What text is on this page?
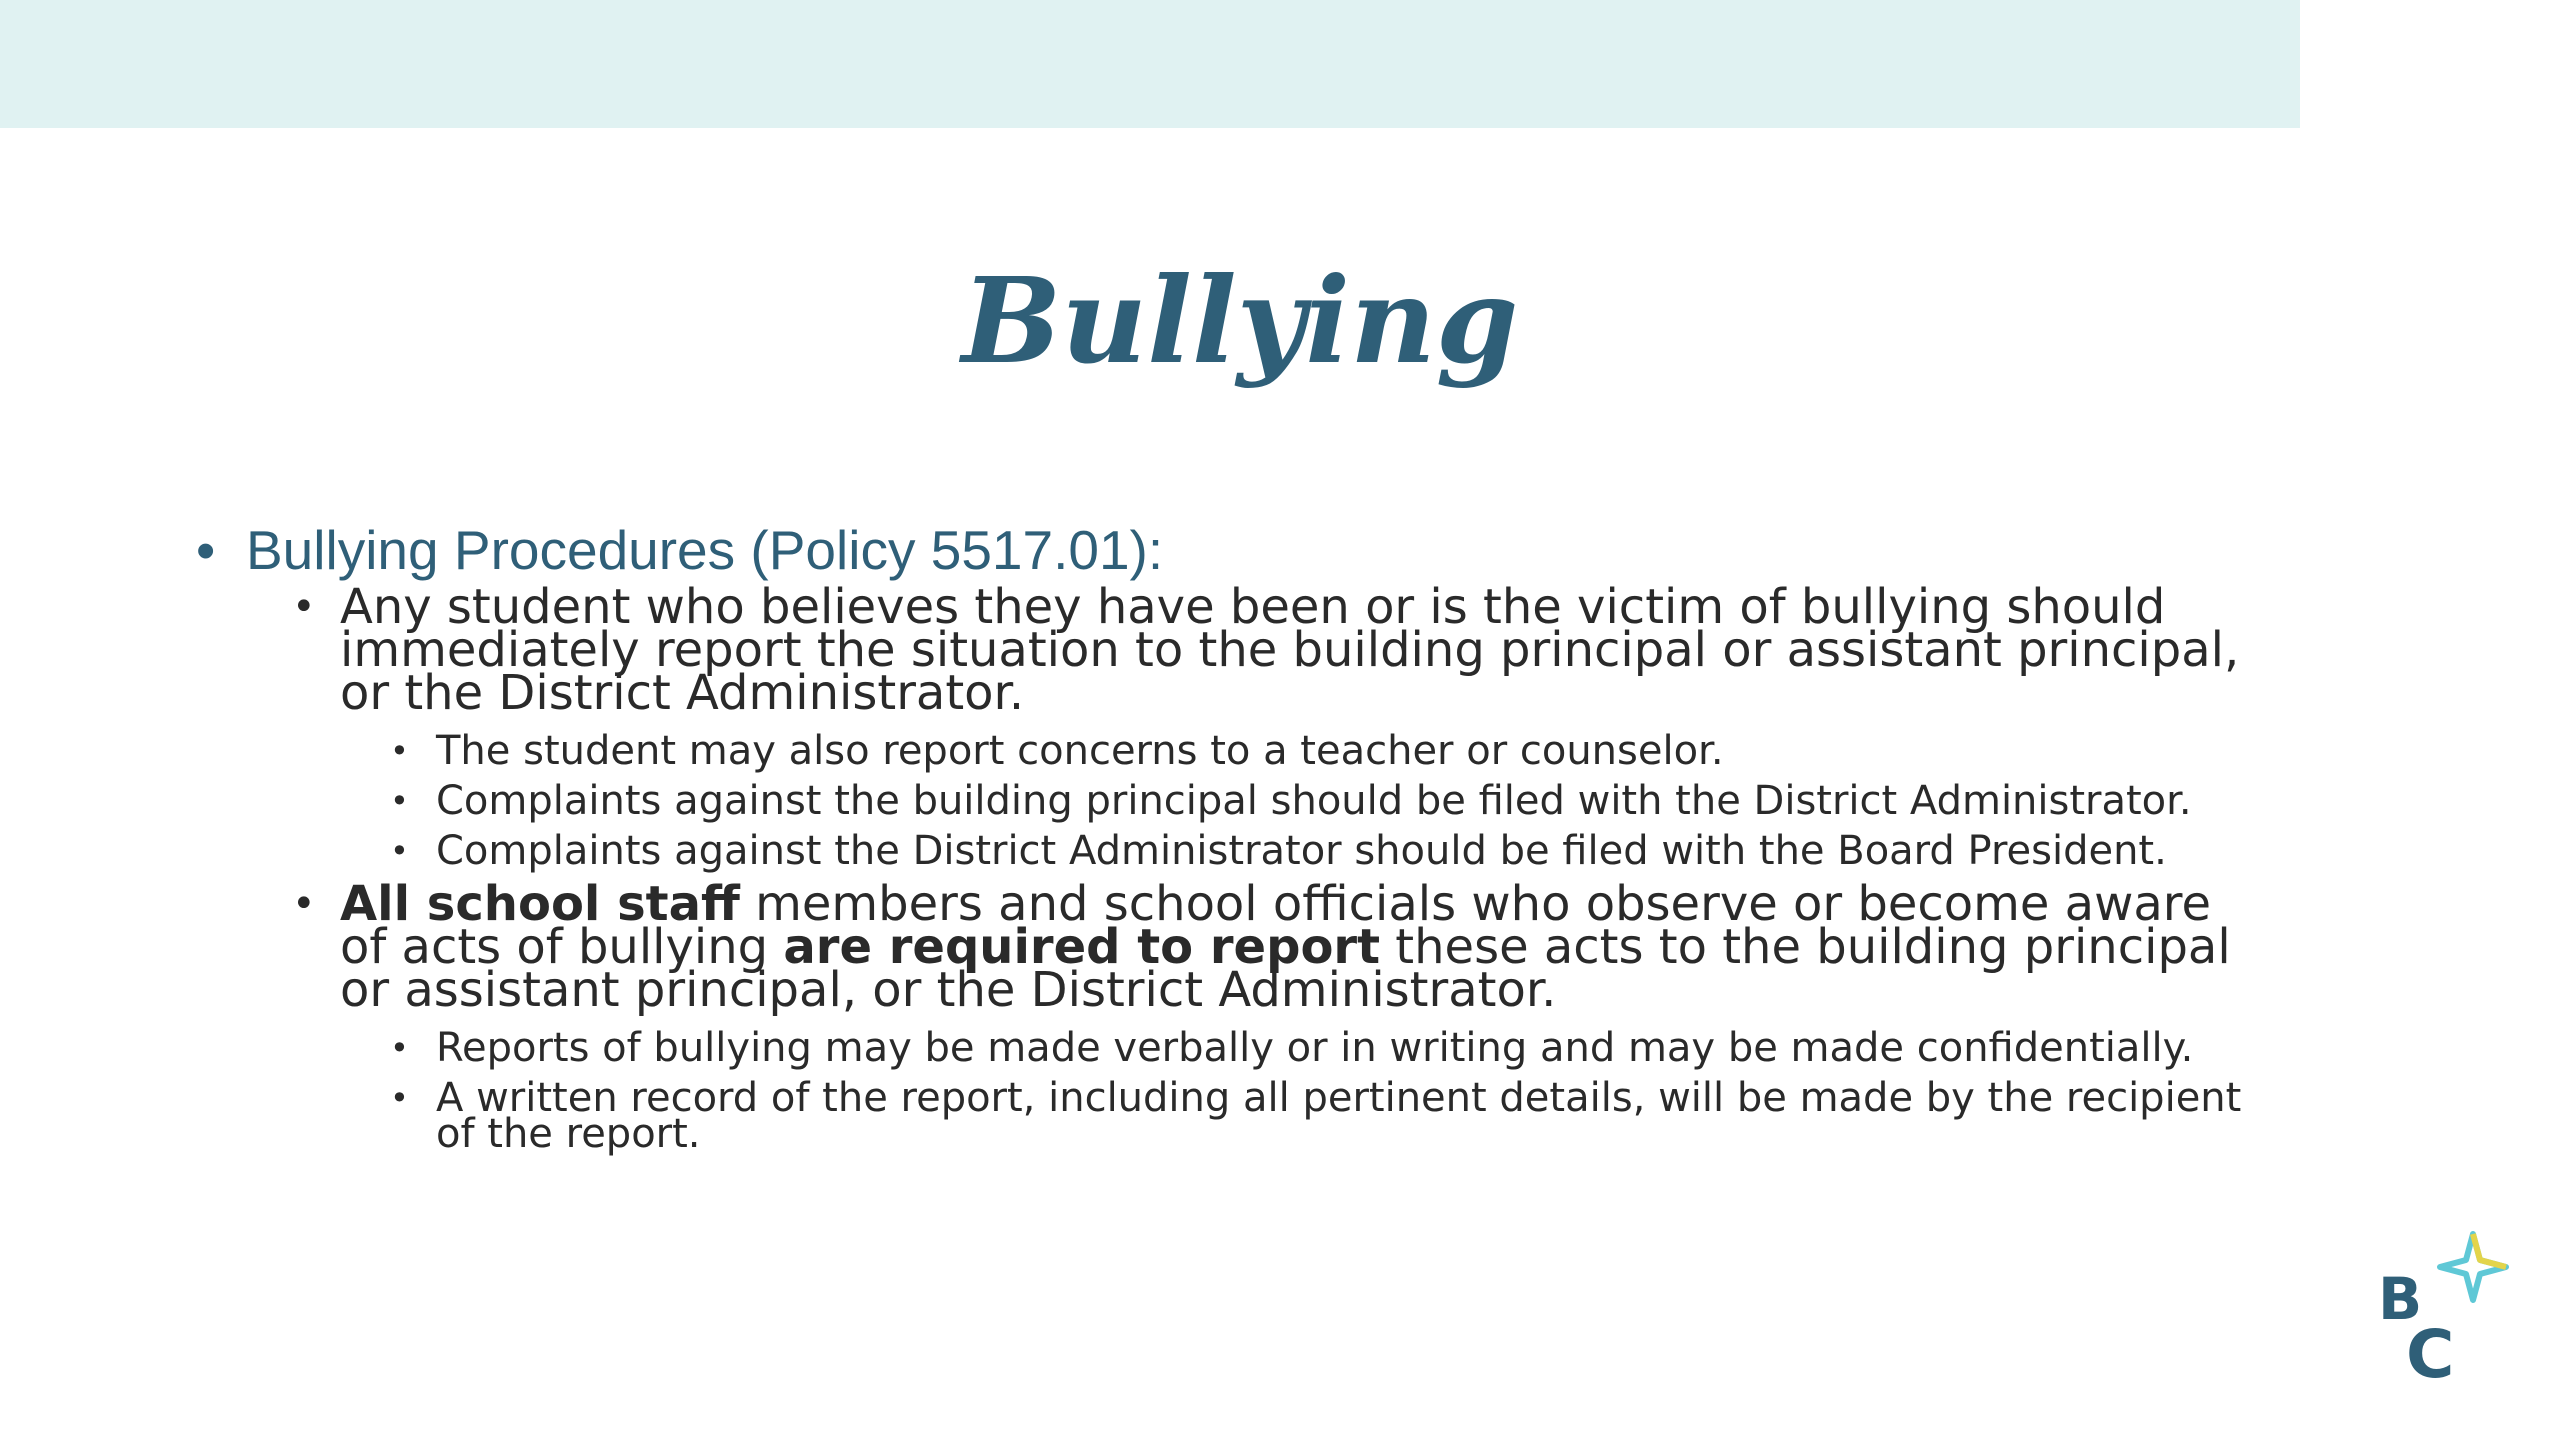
Bullying
• Bullying Procedures (Policy 5517.01):
• Any student who believes they have been or is the victim of bullying should immediately report the situation to the building principal or assistant principal, or the District Administrator.
• The student may also report concerns to a teacher or counselor.
• Complaints against the building principal should be filed with the District Administrator.
• Complaints against the District Administrator should be filed with the Board President.
• All school staff members and school officials who observe or become aware of acts of bullying are required to report these acts to the building principal or assistant principal, or the District Administrator.
• Reports of bullying may be made verbally or in writing and may be made confidentially.
• A written record of the report, including all pertinent details, will be made by the recipient of the report.
B
C
